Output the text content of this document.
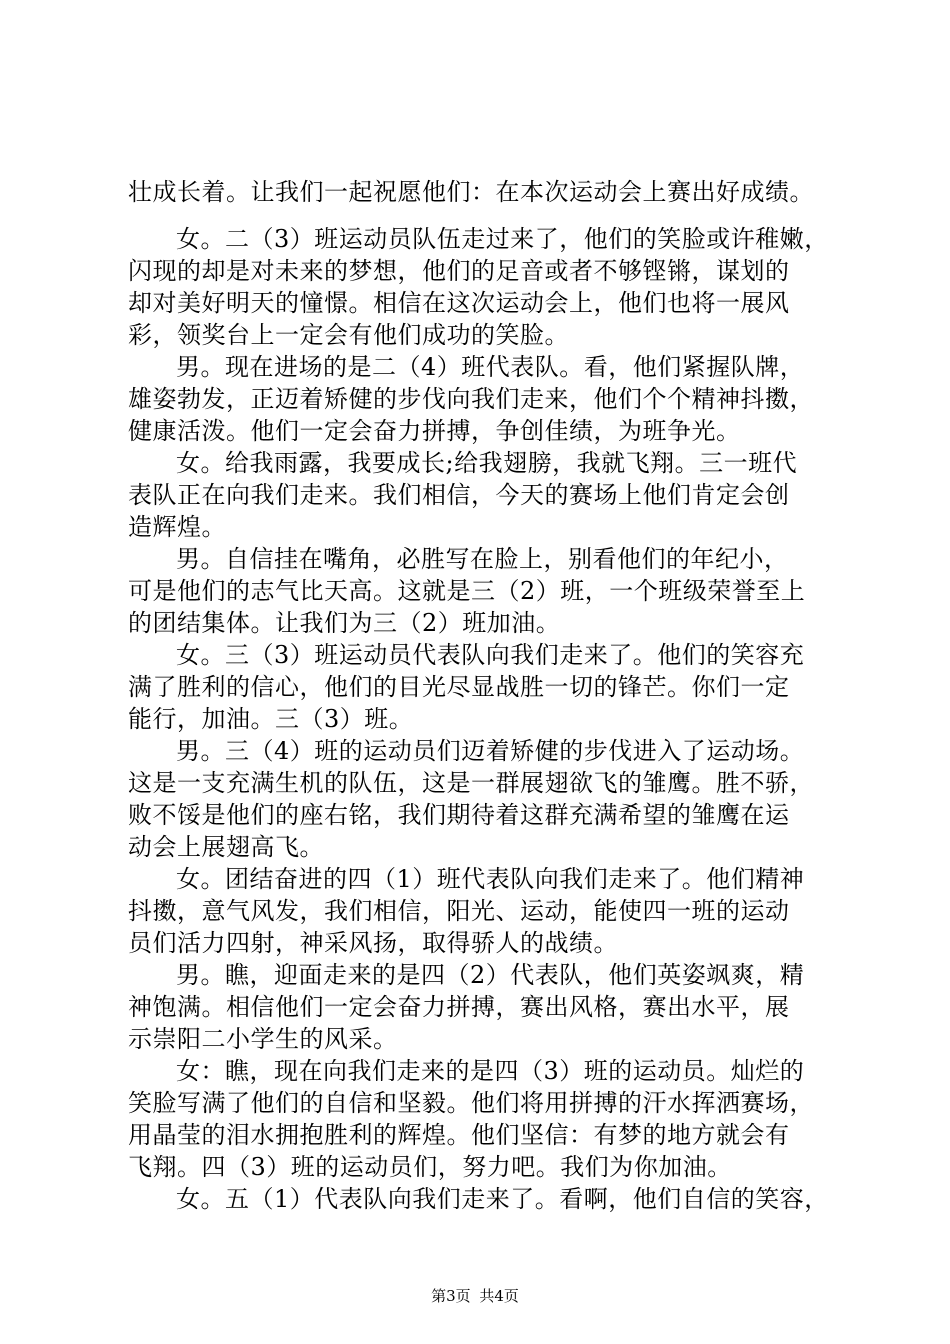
壮成长着。让我们一起祝愿他们：在本次运动会上赛出好成绩。
女。二（3）班运动员队伍走过来了，他们的笑脸或许稚嫩，
闪现的却是对未来的梦想，他们的足音或者不够铿锵，谋划的
却对美好明天的憧憬。相信在这次运动会上，他们也将一展风
彩，领奖台上一定会有他们成功的笑脸。
男。现在进场的是二（4）班代表队。看，他们紧握队牌，
雄姿勃发，正迈着矫健的步伐向我们走来，他们个个精神抖擞，
健康活泼。他们一定会奋力拼搏，争创佳绩，为班争光。
女。给我雨露，我要成长;给我翅膀，我就飞翔。三一班代
表队正在向我们走来。我们相信，今天的赛场上他们肯定会创
造辉煌。
男。自信挂在嘴角，必胜写在脸上，别看他们的年纪小，
可是他们的志气比天高。这就是三（2）班，一个班级荣誉至上
的团结集体。让我们为三（2）班加油。
女。三（3）班运动员代表队向我们走来了。他们的笑容充
满了胜利的信心，他们的目光尽显战胜一切的锋芒。你们一定
能行，加油。三（3）班。
男。三（4）班的运动员们迈着矫健的步伐进入了运动场。
这是一支充满生机的队伍，这是一群展翅欲飞的雏鹰。胜不骄，
败不馁是他们的座右铭，我们期待着这群充满希望的雏鹰在运
动会上展翅高飞。
女。团结奋进的四（1）班代表队向我们走来了。他们精神
抖擞，意气风发，我们相信，阳光、运动，能使四一班的运动
员们活力四射，神采风扬，取得骄人的战绩。
男。瞧，迎面走来的是四（2）代表队，他们英姿飒爽，精
神饱满。相信他们一定会奋力拼搏，赛出风格，赛出水平，展
示崇阳二小学生的风采。
女：瞧，现在向我们走来的是四（3）班的运动员。灿烂的
笑脸写满了他们的自信和坚毅。他们将用拼搏的汗水挥洒赛场，
用晶莹的泪水拥抱胜利的辉煌。他们坚信：有梦的地方就会有
飞翔。四（3）班的运动员们，努力吧。我们为你加油。
女。五（1）代表队向我们走来了。看啊，他们自信的笑容，
第3页 共4页
